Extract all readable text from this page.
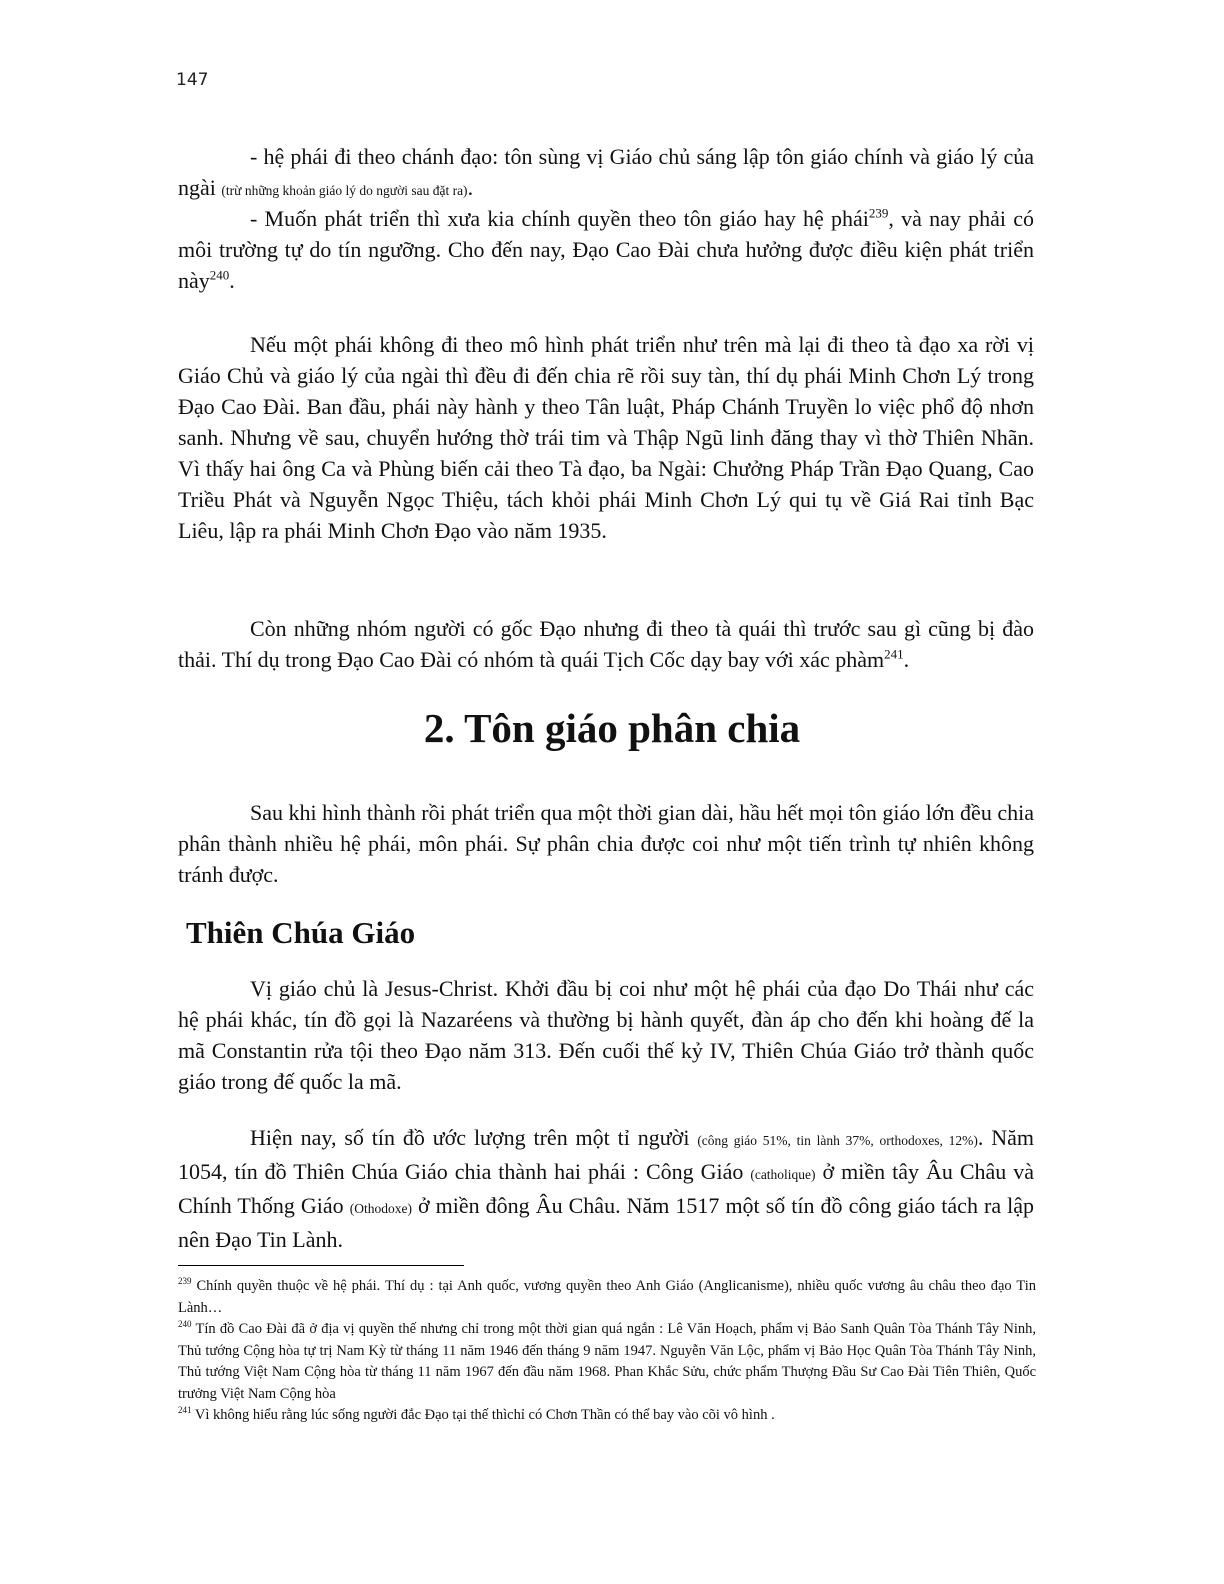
147

- hệ phái đi theo chánh đạo: tôn sùng vị Giáo chủ sáng lập tôn giáo chính và giáo lý của ngài (trừ những khoản giáo lý do người sau đặt ra).

- Muốn phát triển thì xưa kia chính quyền theo tôn giáo hay hệ phái$^{239}$, và nay phải có môi trường tự do tín ngưỡng. Cho đến nay, Đạo Cao Đài chưa hưởng được điều kiện phát triển này$^{240}$.

Nếu một phái không đi theo mô hình phát triển như trên mà lại đi theo tà đạo xa rời vị Giáo Chủ và giáo lý của ngài thì đều đi đến chia rẽ rồi suy tàn, thí dụ phái Minh Chơn Lý trong Đạo Cao Đài. Ban đầu, phái này hành y theo Tân luật, Pháp Chánh Truyền lo việc phổ độ nhơn sanh. Nhưng về sau, chuyển hướng thờ trái tim và Thập Ngũ linh đăng thay vì thờ Thiên Nhãn. Vì thấy hai ông Ca và Phùng biến cải theo Tà đạo, ba Ngài: Chưởng Pháp Trần Đạo Quang, Cao Triều Phát và Nguyễn Ngọc Thiệu, tách khỏi phái Minh Chơn Lý qui tụ về Giá Rai tỉnh Bạc Liêu, lập ra phái Minh Chơn Đạo vào năm 1935.

Còn những nhóm người có gốc Đạo nhưng đi theo tà quái thì trước sau gì cũng bị đào thải. Thí dụ trong Đạo Cao Đài có nhóm tà quái Tịch Cốc dạy bay với xác phàm$^{241}$.

2. Tôn giáo phân chia

Sau khi hình thành rồi phát triển qua một thời gian dài, hầu hết mọi tôn giáo lớn đều chia phân thành nhiều hệ phái, môn phái. Sự phân chia được coi như một tiến trình tự nhiên không tránh được.

Thiên Chúa Giáo

Vị giáo chủ là Jesus-Christ. Khởi đầu bị coi như một hệ phái của đạo Do Thái như các hệ phái khác, tín đồ gọi là Nazaréens và thường bị hành quyết, đàn áp cho đến khi hoàng đế la mã Constantin rửa tội theo Đạo năm 313. Đến cuối thế kỷ IV, Thiên Chúa Giáo trở thành quốc giáo trong đế quốc la mã.

Hiện nay, số tín đồ ước lượng trên một tỉ người (công giáo 51%, tin lành 37%, orthodoxes, 12%). Năm 1054, tín đồ Thiên Chúa Giáo chia thành hai phái : Công Giáo (catholique) ở miền tây Âu Châu và Chính Thống Giáo (Othodoxe) ở miền đông Âu Châu. Năm 1517 một số tín đồ công giáo tách ra lập nên Đạo Tin Lành.

$^{239}$ Chính quyền thuộc về hệ phái. Thí dụ : tại Anh quốc, vương quyền theo Anh Giáo (Anglicanisme), nhiều quốc vương âu châu theo đạo Tin Lành…

$^{240}$ Tín đồ Cao Đài đã ở địa vị quyền thế nhưng chỉ trong một thời gian quá ngắn : Lê Văn Hoạch, phẩm vị Bảo Sanh Quân Tòa Thánh Tây Ninh, Thủ tướng Cộng hòa tự trị Nam Kỳ từ tháng 11 năm 1946 đến tháng 9 năm 1947. Nguyễn Văn Lộc, phẩm vị Bảo Học Quân Tòa Thánh Tây Ninh, Thủ tướng Việt Nam Cộng hòa từ tháng 11 năm 1967 đến đầu năm 1968. Phan Khắc Sửu, chức phẩm Thượng Đầu Sư Cao Đài Tiên Thiên, Quốc trưởng Việt Nam Cộng hòa

$^{241}$ Vì không hiểu rằng lúc sống người đắc Đạo tại thế thìchỉ có Chơn Thần có thể bay vào cõi vô hình .
